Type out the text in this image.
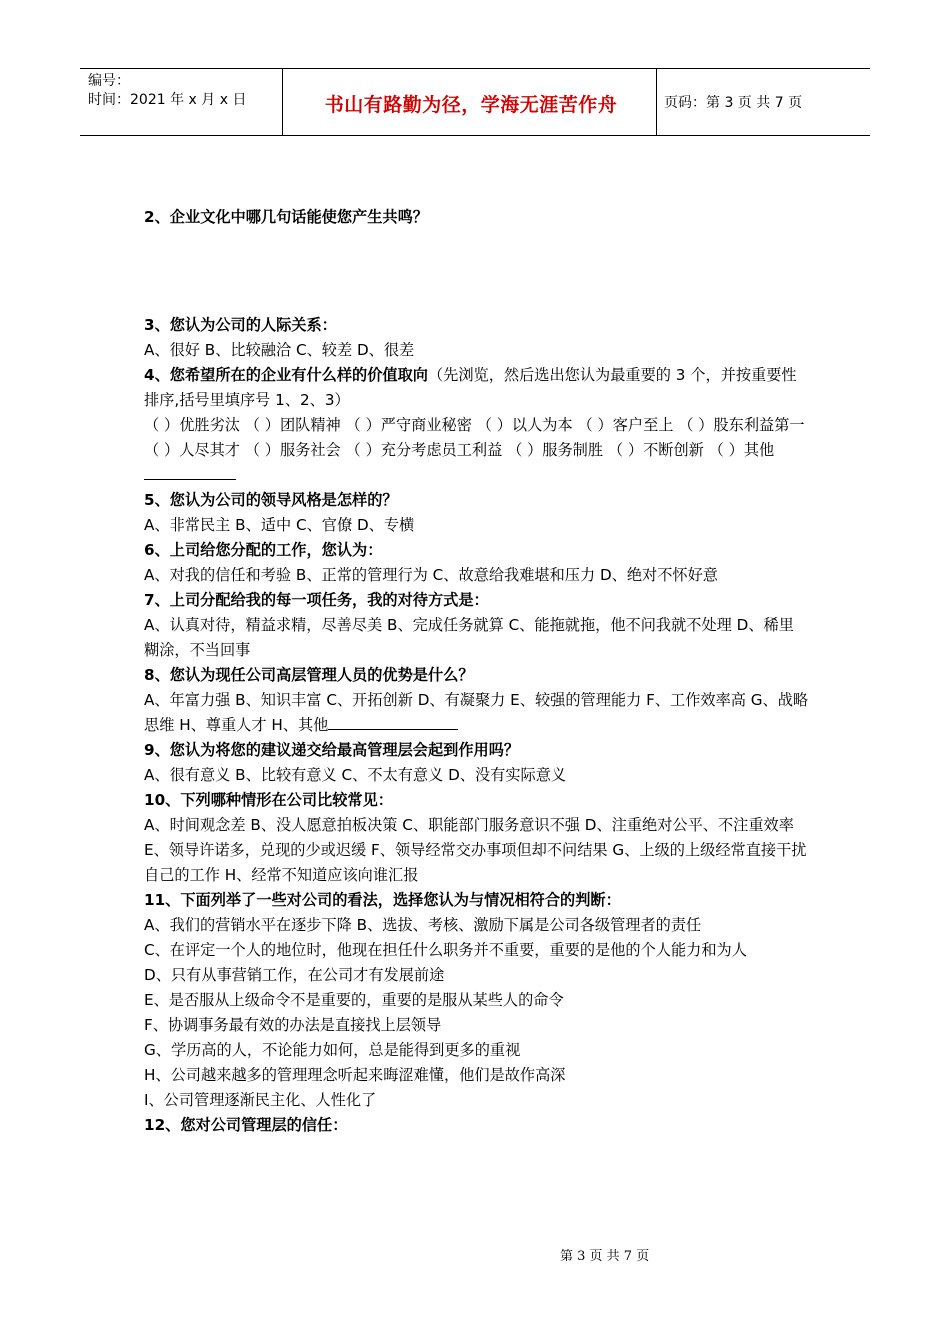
编号：
时间：2021 年 x 月 x 日	书山有路勤为径，学海无涯苦作舟	页码：第 3 页 共 7 页

2、企业文化中哪几句话能使您产生共鸣？

3、您认为公司的人际关系：

A、很好 B、比较融洽 C、较差 D、很差

4、您希望所在的企业有什么样的价值取向（先浏览，然后选出您认为最重要的 3 个，并按重要性排序,括号里填序号 1、2、3）

（ ）优胜劣汰 （ ）团队精神 （ ）严守商业秘密 （ ）以人为本 （ ）客户至上 （ ）股东利益第一 （ ）人尽其才 （ ）服务社会 （ ）充分考虑员工利益 （ ）服务制胜 （ ）不断创新 （ ）其他

5、您认为公司的领导风格是怎样的？

A、非常民主 B、适中 C、官僚 D、专横

6、上司给您分配的工作，您认为：

A、对我的信任和考验 B、正常的管理行为 C、故意给我难堪和压力 D、绝对不怀好意

7、上司分配给我的每一项任务，我的对待方式是：

A、认真对待，精益求精，尽善尽美 B、完成任务就算 C、能拖就拖，他不问我就不处理 D、稀里糊涂，不当回事

8、您认为现任公司高层管理人员的优势是什么？

A、年富力强 B、知识丰富 C、开拓创新 D、有凝聚力 E、较强的管理能力 F、工作效率高 G、战略思维 H、尊重人才 H、其他

9、您认为将您的建议递交给最高管理层会起到作用吗？

A、很有意义 B、比较有意义 C、不太有意义 D、没有实际意义

10、下列哪种情形在公司比较常见：

A、时间观念差 B、没人愿意拍板决策 C、职能部门服务意识不强 D、注重绝对公平、不注重效率 E、领导许诺多，兑现的少或迟缓 F、领导经常交办事项但却不问结果 G、上级的上级经常直接干扰自己的工作 H、经常不知道应该向谁汇报

11、下面列举了一些对公司的看法，选择您认为与情况相符合的判断：

A、我们的营销水平在逐步下降 B、选拔、考核、激励下属是公司各级管理者的责任

C、在评定一个人的地位时，他现在担任什么职务并不重要，重要的是他的个人能力和为人

D、只有从事营销工作，在公司才有发展前途

E、是否服从上级命令不是重要的，重要的是服从某些人的命令

F、协调事务最有效的办法是直接找上层领导

G、学历高的人，不论能力如何，总是能得到更多的重视

H、公司越来越多的管理理念听起来晦涩难懂，他们是故作高深

I、公司管理逐渐民主化、人性化了

12、您对公司管理层的信任：

第 3 页 共 7 页
